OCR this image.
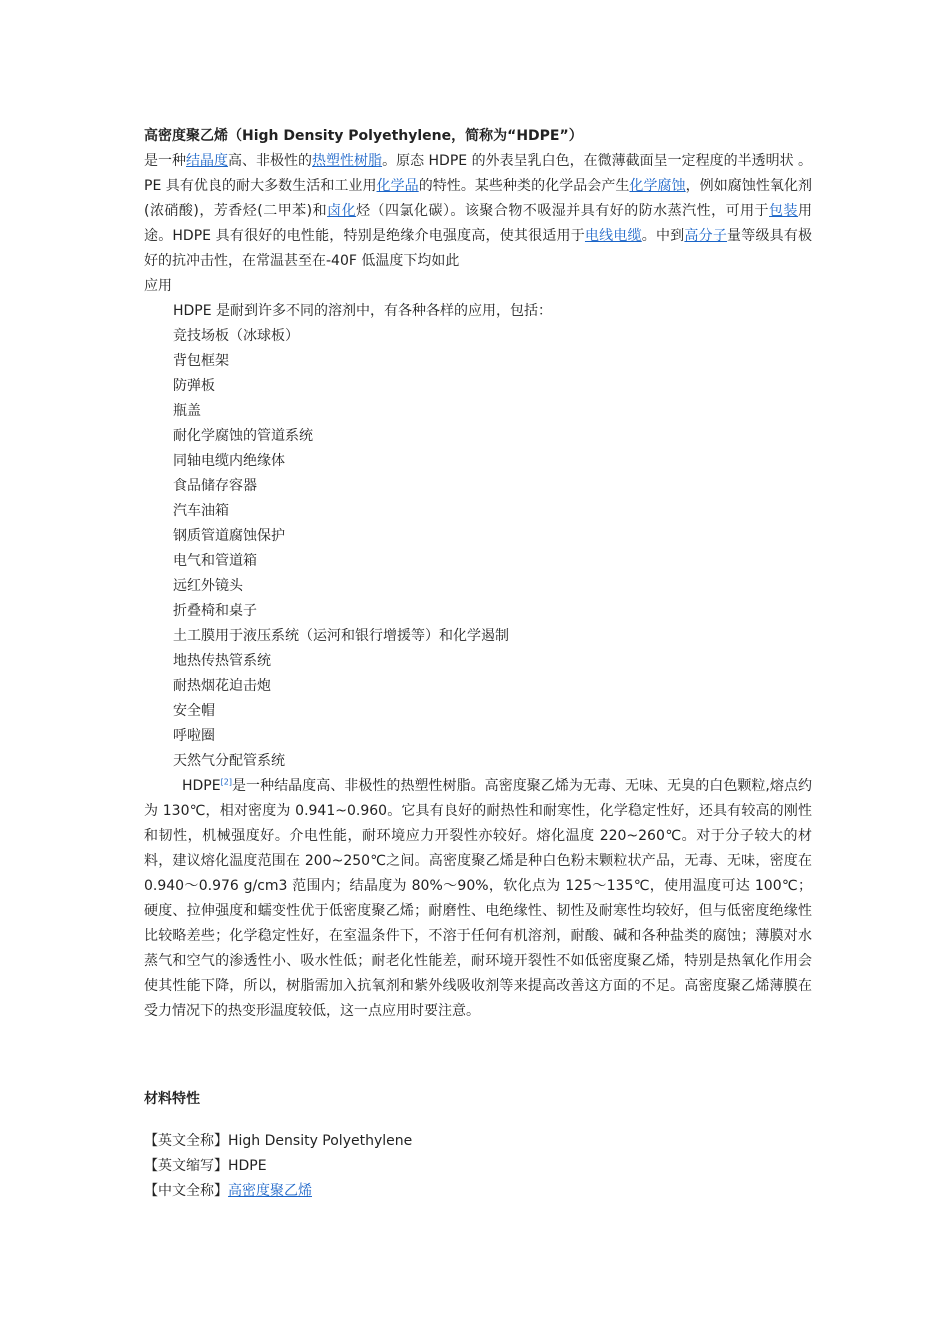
高密度聚乙烯（High Density Polyethylene，简称为“HDPE”）

是一种结晶度高、非极性的热塑性树脂。原态 HDPE 的外表呈乳白色，在微薄截面呈一定程度的半透明状 。PE 具有优良的耐大多数生活和工业用化学品的特性。某些种类的化学品会产生化学腐蚀，例如腐蚀性氧化剂(浓硝酸)，芳香烃(二甲苯)和卤化烃（四氯化碳）。该聚合物不吸湿并具有好的防水蒸汽性，可用于包装用途。HDPE 具有很好的电性能，特别是绝缘介电强度高，使其很适用于电线电缆。中到高分子量等级具有极好的抗冲击性，在常温甚至在-40F 低温度下均如此

应用

HDPE 是耐到许多不同的溶剂中，有各种各样的应用，包括：

竞技场板（冰球板）
背包框架
防弹板
瓶盖
耐化学腐蚀的管道系统
同轴电缆内绝缘体
食品储存容器
汽车油箱
钢质管道腐蚀保护
电气和管道箱
远红外镜头
折叠椅和桌子
土工膜用于液压系统（运河和银行增援等）和化学遏制
地热传热管系统
耐热烟花迫击炮
安全帽
呼啦圈
天然气分配管系统

HDPE[2]是一种结晶度高、非极性的热塑性树脂。高密度聚乙烯为无毒、无味、无臭的白色颗粒,熔点约为 130℃，相对密度为 0.941~0.960。它具有良好的耐热性和耐寒性，化学稳定性好，还具有较高的刚性和韧性，机械强度好。介电性能，耐环境应力开裂性亦较好。熔化温度 220~260℃。对于分子较大的材料，建议熔化温度范围在 200~250℃之间。高密度聚乙烯是种白色粉末颗粒状产品，无毒、无味，密度在 0.940～0.976 g/cm3 范围内；结晶度为 80%～90%，软化点为 125～135℃，使用温度可达 100℃；硬度、拉伸强度和蠕变性优于低密度聚乙烯；耐磨性、电绝缘性、韧性及耐寒性均较好，但与低密度绝缘性比较略差些；化学稳定性好，在室温条件下，不溶于任何有机溶剂，耐酸、碱和各种盐类的腐蚀；薄膜对水蒸气和空气的渗透性小、吸水性低；耐老化性能差，耐环境开裂性不如低密度聚乙烯，特别是热氧化作用会使其性能下降，所以，树脂需加入抗氧剂和紫外线吸收剂等来提高改善这方面的不足。高密度聚乙烯薄膜在受力情况下的热变形温度较低，这一点应用时要注意。

材料特性

【英文全称】High Density Polyethylene

【英文缩写】HDPE

【中文全称】高密度聚乙烯
